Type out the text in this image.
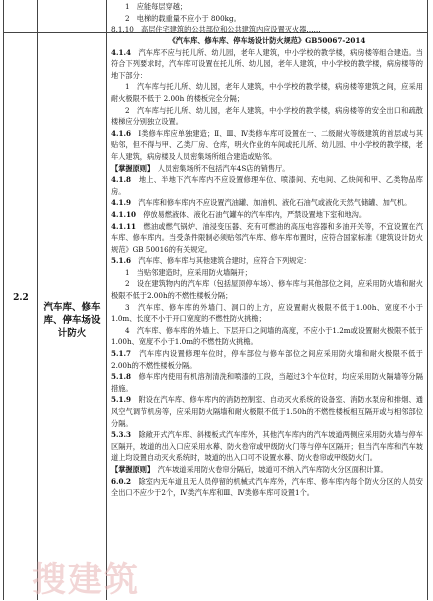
1　应能每层穿越；
2　电梯的载重量不应小于 800kg。
8.1.10　高层住宅建筑的公共部位和公共建筑内应设置灭火器……
2.2
汽车库、修车库、停车场设计防火
《汽车库、修车库、停车场设计防火规范》GB50067-2014
4.1.4　 汽车库不应与托儿所、幼儿园，老年人建筑，中小学校的教学楼，病房楼等组合建造。当符合下列要求时，汽车库可设置在托儿所、幼儿园，老年人建筑，中小学校的教学楼，病房楼等的地下部分：
1　汽车库与托儿所、幼儿园，老年人建筑，中小学校的教学楼，病房楼等建筑之间，应采用耐火极限不低于 2.00h 的楼板完全分隔；
2　汽车库与托儿所、幼儿园，老年人建筑，中小学校的教学楼，病房楼等的安全出口和疏散楼梯应分别独立设置。
4.1.6　 Ⅰ类修车库应单独建造；Ⅱ、Ⅲ、Ⅳ类修车库可设置在一、二级耐火等级建筑的首层或与其贴邻，但不得与甲、乙类厂房、仓库，明火作业的车间或托儿所、幼儿园、中小学校的教学楼，老年人建筑，病房楼及人员密集场所组合建造或贴邻。
【掌握原则】　 人员密集场所不包括汽车4S店的销售厅。
4.1.8　 地上、半地下汽车库内不应设置修理车位、喷漆间、充电间、乙炔间和甲、乙类物品库房。
4.1.9　 汽车库和修车库内不应设置汽油罐、加油机、液化石油气或液化天然气储罐、加气机。
4.1.10　 停放易燃液体、液化石油气罐车的汽车库内，严禁设置地下室和地沟。
4.1.11　 燃油或燃气锅炉、油浸变压器、充有可燃油的高压电容器和多油开关等，不宜设置在汽车库、修车库内。当受条件限制必须贴邻汽车库、修车库布置时，应符合国家标准《建筑设计防火规范》GB 50016的有关规定。
5.1.6　 汽车库、修车库与其他建筑合建时，应符合下列规定：
1　当贴邻建造时，应采用防火墙隔开；
2　设在建筑物内的汽车库（包括屋顶停车场）、修车库与其他部位之间，应采用防火墙和耐火极限不低于2.00h的不燃性楼板分隔；
3　汽车库、修车库的外墙门、洞口的上方，应设置耐火极限不低于1.00h、宽度不小于1.0m、长度不小于开口宽度的不燃性防火挑檐；
4　汽车库、修车库的外墙上、下层开口之间墙的高度，不应小于1.2m或设置耐火极限不低于1.00h、宽度不小于1.0m的不燃性防火挑檐。
5.1.7　 汽车库内设置修理车位时，停车部位与修车部位之间应采用防火墙和耐火极限不低于2.00h的不燃性楼板分隔。
5.1.8　 修车库内使用有机溶剂清洗和喷漆的工段，当超过3个车位时，均应采用防火隔墙等分隔措施。
5.1.9　 附设在汽车库、修车库内的消防控制室、自动灭火系统的设备室、消防水泵房和排烟、通风空气调节机房等，应采用防火隔墙和耐火极限不低于1.50h的不燃性楼板相互隔开或与相邻部位分隔。
5.3.3　 除敞开式汽车库、斜楼板式汽车库外，其他汽车库内的汽车坡道两侧应采用防火墙与停车区隔开，坡道的出入口应采用水幕、防火卷帘或甲级防火门等与停车区隔开；但当汽车库和汽车坡道上均设置自动灭火系统时，坡道的出入口可不设置水幕、防火卷帘或甲级防火门。
【掌握原则】　 汽车坡道采用防火卷帘分隔后，坡道可不纳入汽车库防火分区面积计算。
6.0.2　 除室内无车道且无人员停留的机械式汽车库外，汽车库、修车库内每个防火分区的人员安全出口不应少于2个，Ⅳ类汽车库和Ⅲ、Ⅳ类修车库可设置1个。
搜建筑
